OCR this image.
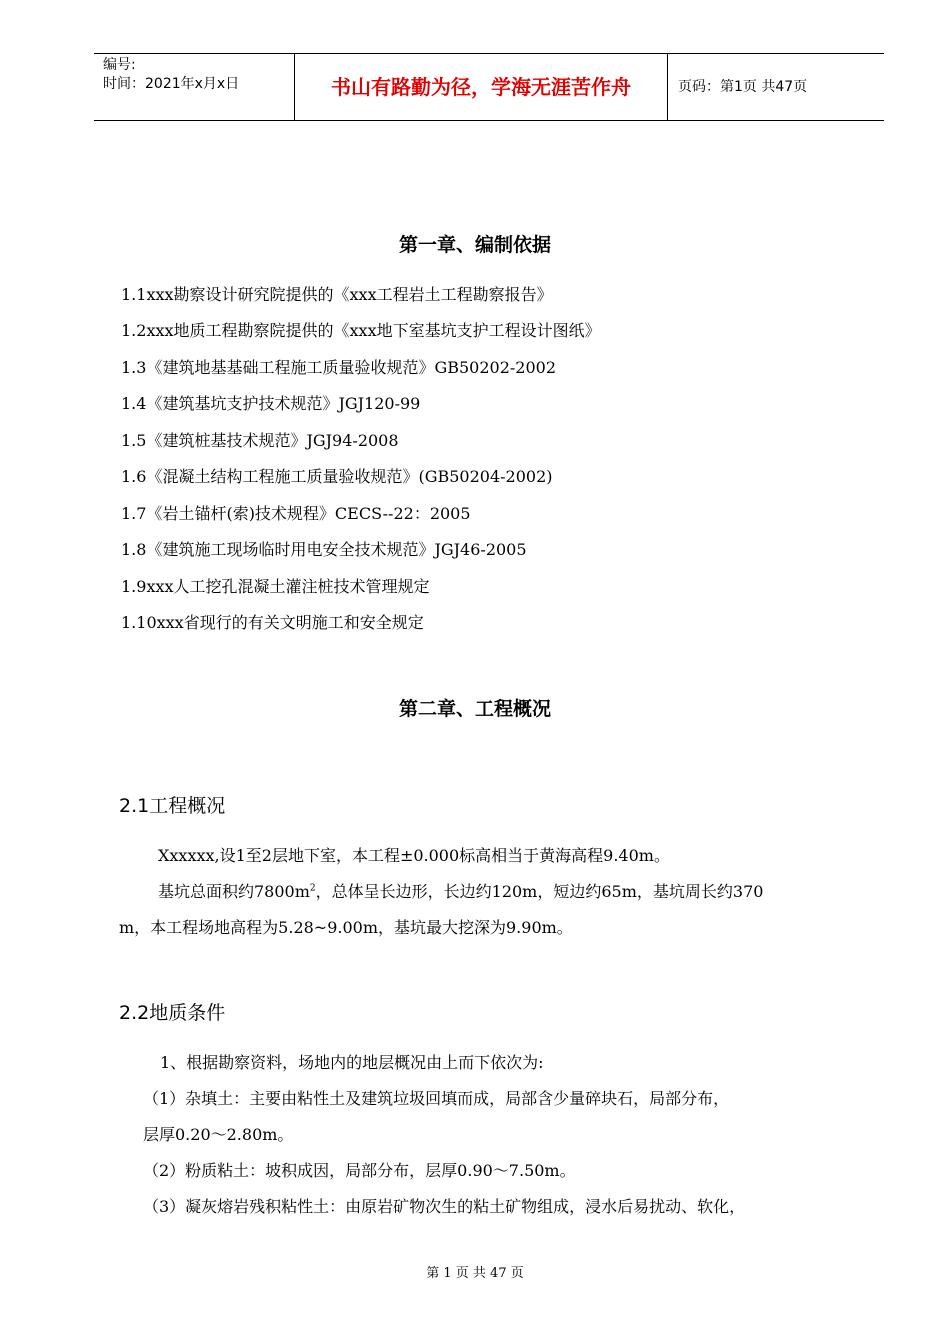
编号:
时间：2021年x月x日	书山有路勤为径，学海无涯苦作舟	页码：第1页 共47页
第一章、编制依据
1.1xxx勘察设计研究院提供的《xxx工程岩土工程勘察报告》
1.2xxx地质工程勘察院提供的《xxx地下室基坑支护工程设计图纸》
1.3《建筑地基基础工程施工质量验收规范》GB50202-2002
1.4《建筑基坑支护技术规范》JGJ120-99
1.5《建筑桩基技术规范》JGJ94-2008
1.6《混凝土结构工程施工质量验收规范》(GB50204-2002)
1.7《岩土锚杆(索)技术规程》CECS--22：2005
1.8《建筑施工现场临时用电安全技术规范》JGJ46-2005
1.9xxx人工挖孔混凝土灌注桩技术管理规定
1.10xxx省现行的有关文明施工和安全规定
第二章、工程概况
2.1工程概况
Xxxxxx,设1至2层地下室，本工程±0.000标高相当于黄海高程9.40m。
基坑总面积约$7800m^2$，总体呈长边形，长边约120m，短边约65m，基坑周长约370
m，本工程场地高程为5.28~9.00m，基坑最大挖深为9.90m。
2.2地质条件
1、根据勘察资料，场地内的地层概况由上而下依次为:
（1）杂填土：主要由粘性土及建筑垃圾回填而成，局部含少量碎块石，局部分布，
层厚0.20～2.80m。
（2）粉质粘土：坡积成因，局部分布，层厚0.90～7.50m。
（3）凝灰熔岩残积粘性土：由原岩矿物次生的粘土矿物组成，浸水后易扰动、软化，
第 1 页 共 47 页
